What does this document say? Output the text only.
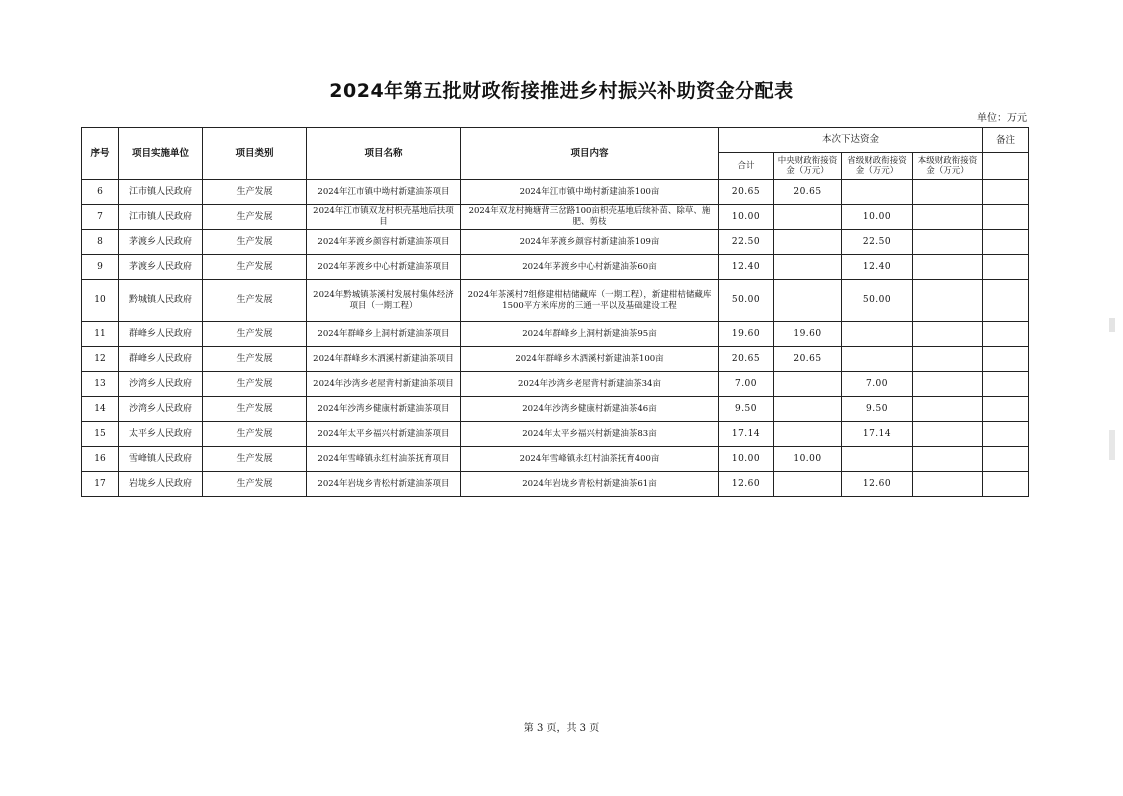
2024年第五批财政衔接推进乡村振兴补助资金分配表
单位：万元
序号	项目实施单位	项目类别	项目名称	项目内容	本次下达资金				备注
					合计	中央财政衔接资金（万元）	省级财政衔接资金（万元）	本级财政衔接资金（万元）	
6	江市镇人民政府	生产发展	2024年江市镇中坳村新建油茶项目	2024年江市镇中坳村新建油茶100亩	20.65	20.65			
7	江市镇人民政府	生产发展	2024年江市镇双龙村枳壳基地后扶项目	2024年双龙村掩塘背三岔路100亩枳壳基地后续补苗、除草、施肥、剪枝	10.00		10.00		
8	茅渡乡人民政府	生产发展	2024年茅渡乡颜容村新建油茶项目	2024年茅渡乡颜容村新建油茶109亩	22.50		22.50		
9	茅渡乡人民政府	生产发展	2024年茅渡乡中心村新建油茶项目	2024年茅渡乡中心村新建油茶60亩	12.40		12.40		
10	黔城镇人民政府	生产发展	2024年黔城镇茶溪村发展村集体经济项目（一期工程）	2024年茶溪村7组修建柑桔储藏库（一期工程），新建柑桔储藏库1500平方米库房的三通一平以及基础建设工程	50.00		50.00		
11	群峰乡人民政府	生产发展	2024年群峰乡上洞村新建油茶项目	2024年群峰乡上洞村新建油茶95亩	19.60	19.60			
12	群峰乡人民政府	生产发展	2024年群峰乡木洒溪村新建油茶项目	2024年群峰乡木洒溪村新建油茶100亩	20.65	20.65			
13	沙湾乡人民政府	生产发展	2024年沙湾乡老屋背村新建油茶项目	2024年沙湾乡老屋背村新建油茶34亩	7.00		7.00		
14	沙湾乡人民政府	生产发展	2024年沙湾乡健康村新建油茶项目	2024年沙湾乡健康村新建油茶46亩	9.50		9.50		
15	太平乡人民政府	生产发展	2024年太平乡福兴村新建油茶项目	2024年太平乡福兴村新建油茶83亩	17.14		17.14		
16	雪峰镇人民政府	生产发展	2024年雪峰镇永红村油茶抚育项目	2024年雪峰镇永红村油茶抚育400亩	10.00	10.00			
17	岩垅乡人民政府	生产发展	2024年岩垅乡青松村新建油茶项目	2024年岩垅乡青松村新建油茶61亩	12.60		12.60		
第 3 页，共 3 页
